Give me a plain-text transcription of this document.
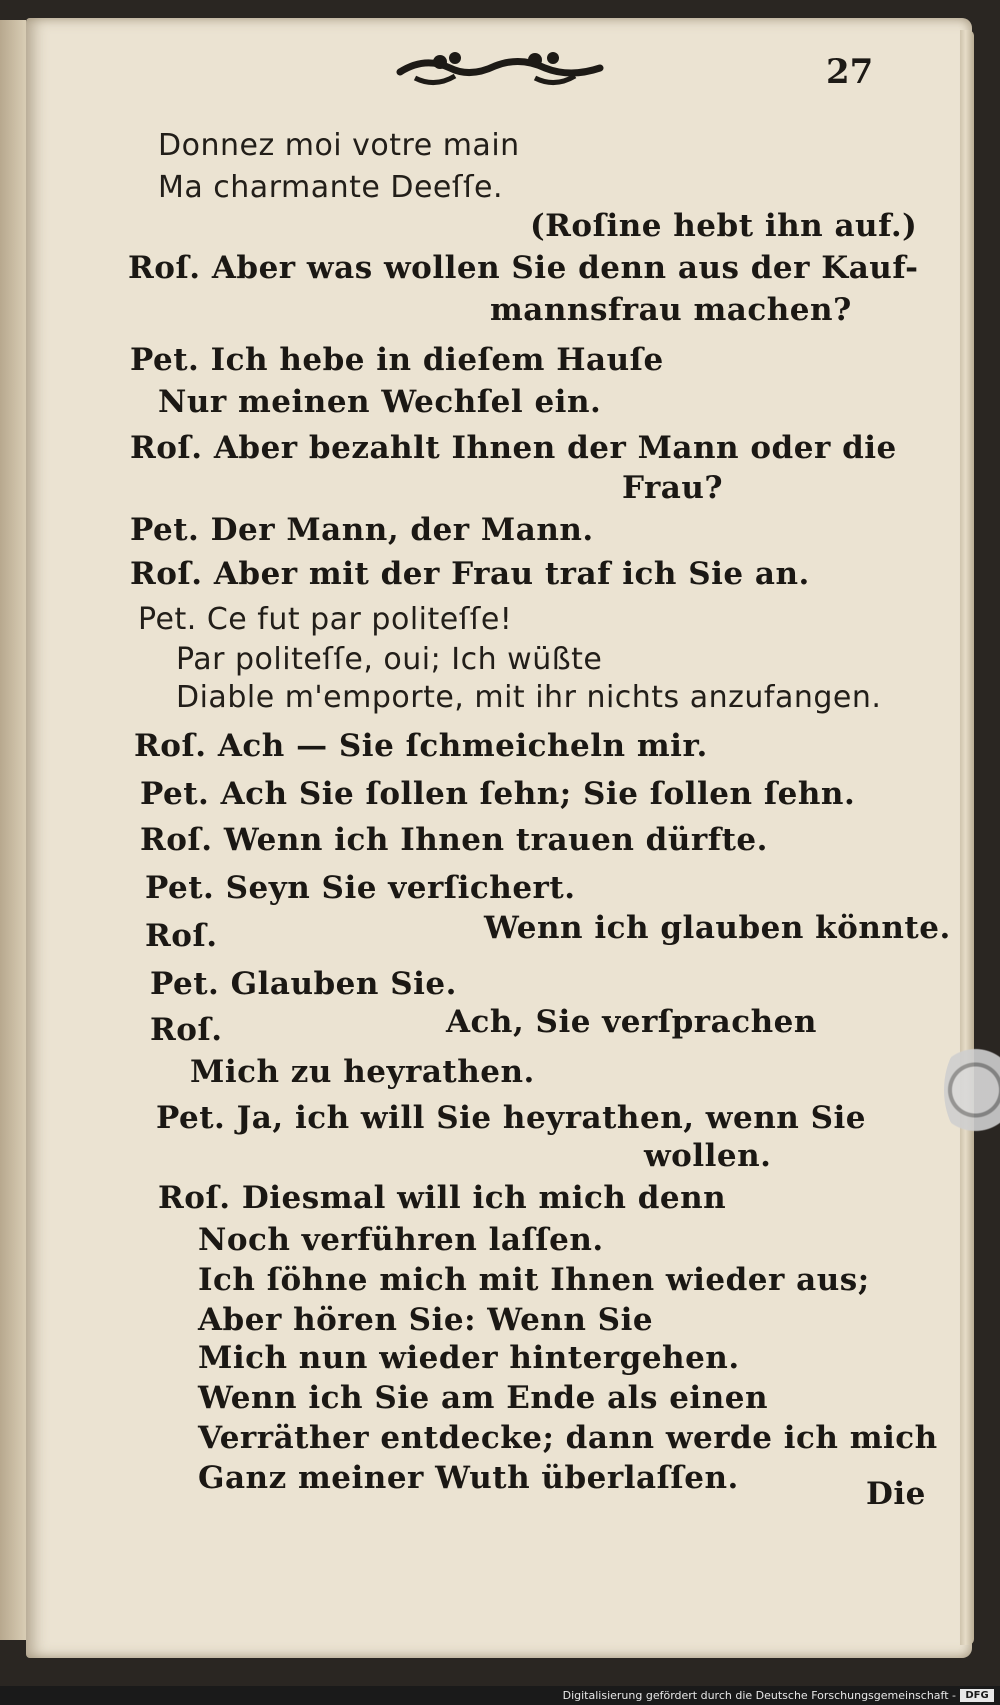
27
Donnez moi votre main
Ma charmante Deeſſe.
(Roſine hebt ihn auf.)
Roſ. Aber was wollen Sie denn aus der Kauf-
mannsfrau machen?
Pet. Ich hebe in dieſem Hauſe
Nur meinen Wechſel ein.
Roſ. Aber bezahlt Ihnen der Mann oder die
Frau?
Pet. Der Mann, der Mann.
Roſ. Aber mit der Frau traf ich Sie an.
Pet. Ce fut par politeſſe!
Par politeſſe, oui; Ich wüßte
Diable m'emporte, mit ihr nichts anzufangen.
Roſ. Ach — Sie ſchmeicheln mir.
Pet. Ach Sie ſollen ſehn; Sie ſollen ſehn.
Roſ. Wenn ich Ihnen trauen dürfte.
Pet. Seyn Sie verſichert.
Roſ.	Wenn ich glauben könnte.
Pet. Glauben Sie.
Roſ.	Ach, Sie verſprachen
Mich zu heyrathen.
Pet. Ja, ich will Sie heyrathen, wenn Sie
wollen.
Roſ. Diesmal will ich mich denn
Noch verführen laſſen.
Ich ſöhne mich mit Ihnen wieder aus;
Aber hören Sie: Wenn Sie
Mich nun wieder hintergehen.
Wenn ich Sie am Ende als einen
Verräther entdecke; dann werde ich mich
Ganz meiner Wuth überlaſſen.	Die
Digitalisierung gefördert durch die Deutsche Forschungsgemeinschaft - DFG
